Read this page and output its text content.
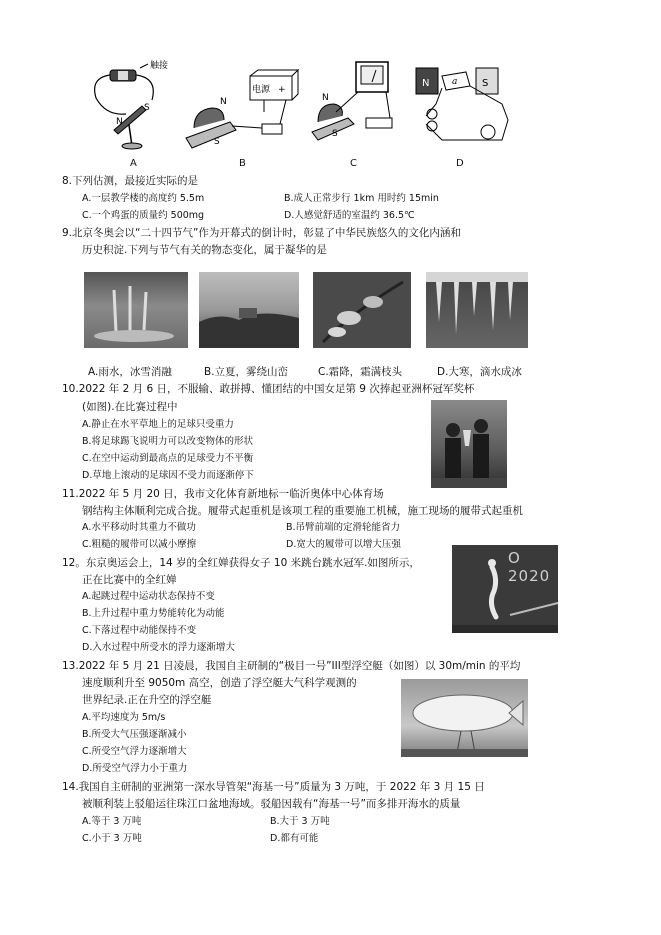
触接
N
S
电源 +
N
S
N
S
N	S
a
A	B	C	D
8.下列估测，最接近实际的是
A.一层教学楼的高度约 5.5m	B.成人正常步行 1km 用时约 15min
C.一个鸡蛋的质量约 500mg	D.人感觉舒适的室温约 36.5℃
9.北京冬奥会以“二十四节气”作为开幕式的倒计时，彰显了中华民族悠久的文化内涵和
历史积淀.下列与节气有关的物态变化，属于凝华的是
A.雨水，冰雪消融	B.立夏，雾绕山峦	C.霜降，霜满枝头	D.大寒，滴水成冰
10.2022 年 2 月 6 日，不服输、敢拼搏、懂团结的中国女足第 9 次捧起亚洲杯冠军奖杯
(如图).在比赛过程中
A.静止在水平草地上的足球只受重力
B.将足球踢飞说明力可以改变物体的形状
C.在空中运动到最高点的足球受力不平衡
D.草地上滚动的足球因不受力而逐渐停下
11.2022 年 5 月 20 日，我市文化体育新地标一临沂奥体中心体育场
钢结构主体顺利完成合拢。履带式起重机是该项工程的重要施工机械，施工现场的履带式起重机
A.水平移动时其重力不做功	B.吊臂前端的定滑轮能省力
C.粗糙的履带可以减小摩擦	D.宽大的履带可以增大压强
12。东京奥运会上，14 岁的全红婵获得女子 10 米跳台跳水冠军.如图所示，
正在比赛中的全红婵
A.起跳过程中运动状态保持不变
B.上升过程中重力势能转化为动能
C.下落过程中动能保持不变
D.入水过程中所受水的浮力逐渐增大
O 2020
13.2022 年 5 月 21 日凌晨，我国自主研制的“极目一号”III型浮空艇（如图）以 30m/min 的平均
速度顺利升至 9050m 高空，创造了浮空艇大气科学观测的
世界纪录.正在升空的浮空艇
A.平均速度为 5m/s
B.所受大气压强逐渐减小
C.所受空气浮力逐渐增大
D.所受空气浮力小于重力
14.我国自主研制的亚洲第一深水导管架“海基一号”质量为 3 万吨，于 2022 年 3 月 15 日
被顺利装上驳船运往珠江口盆地海域。驳船因载有“海基一号”而多排开海水的质量
A.等于 3 万吨	B.大于 3 万吨
C.小于 3 万吨	D.都有可能
